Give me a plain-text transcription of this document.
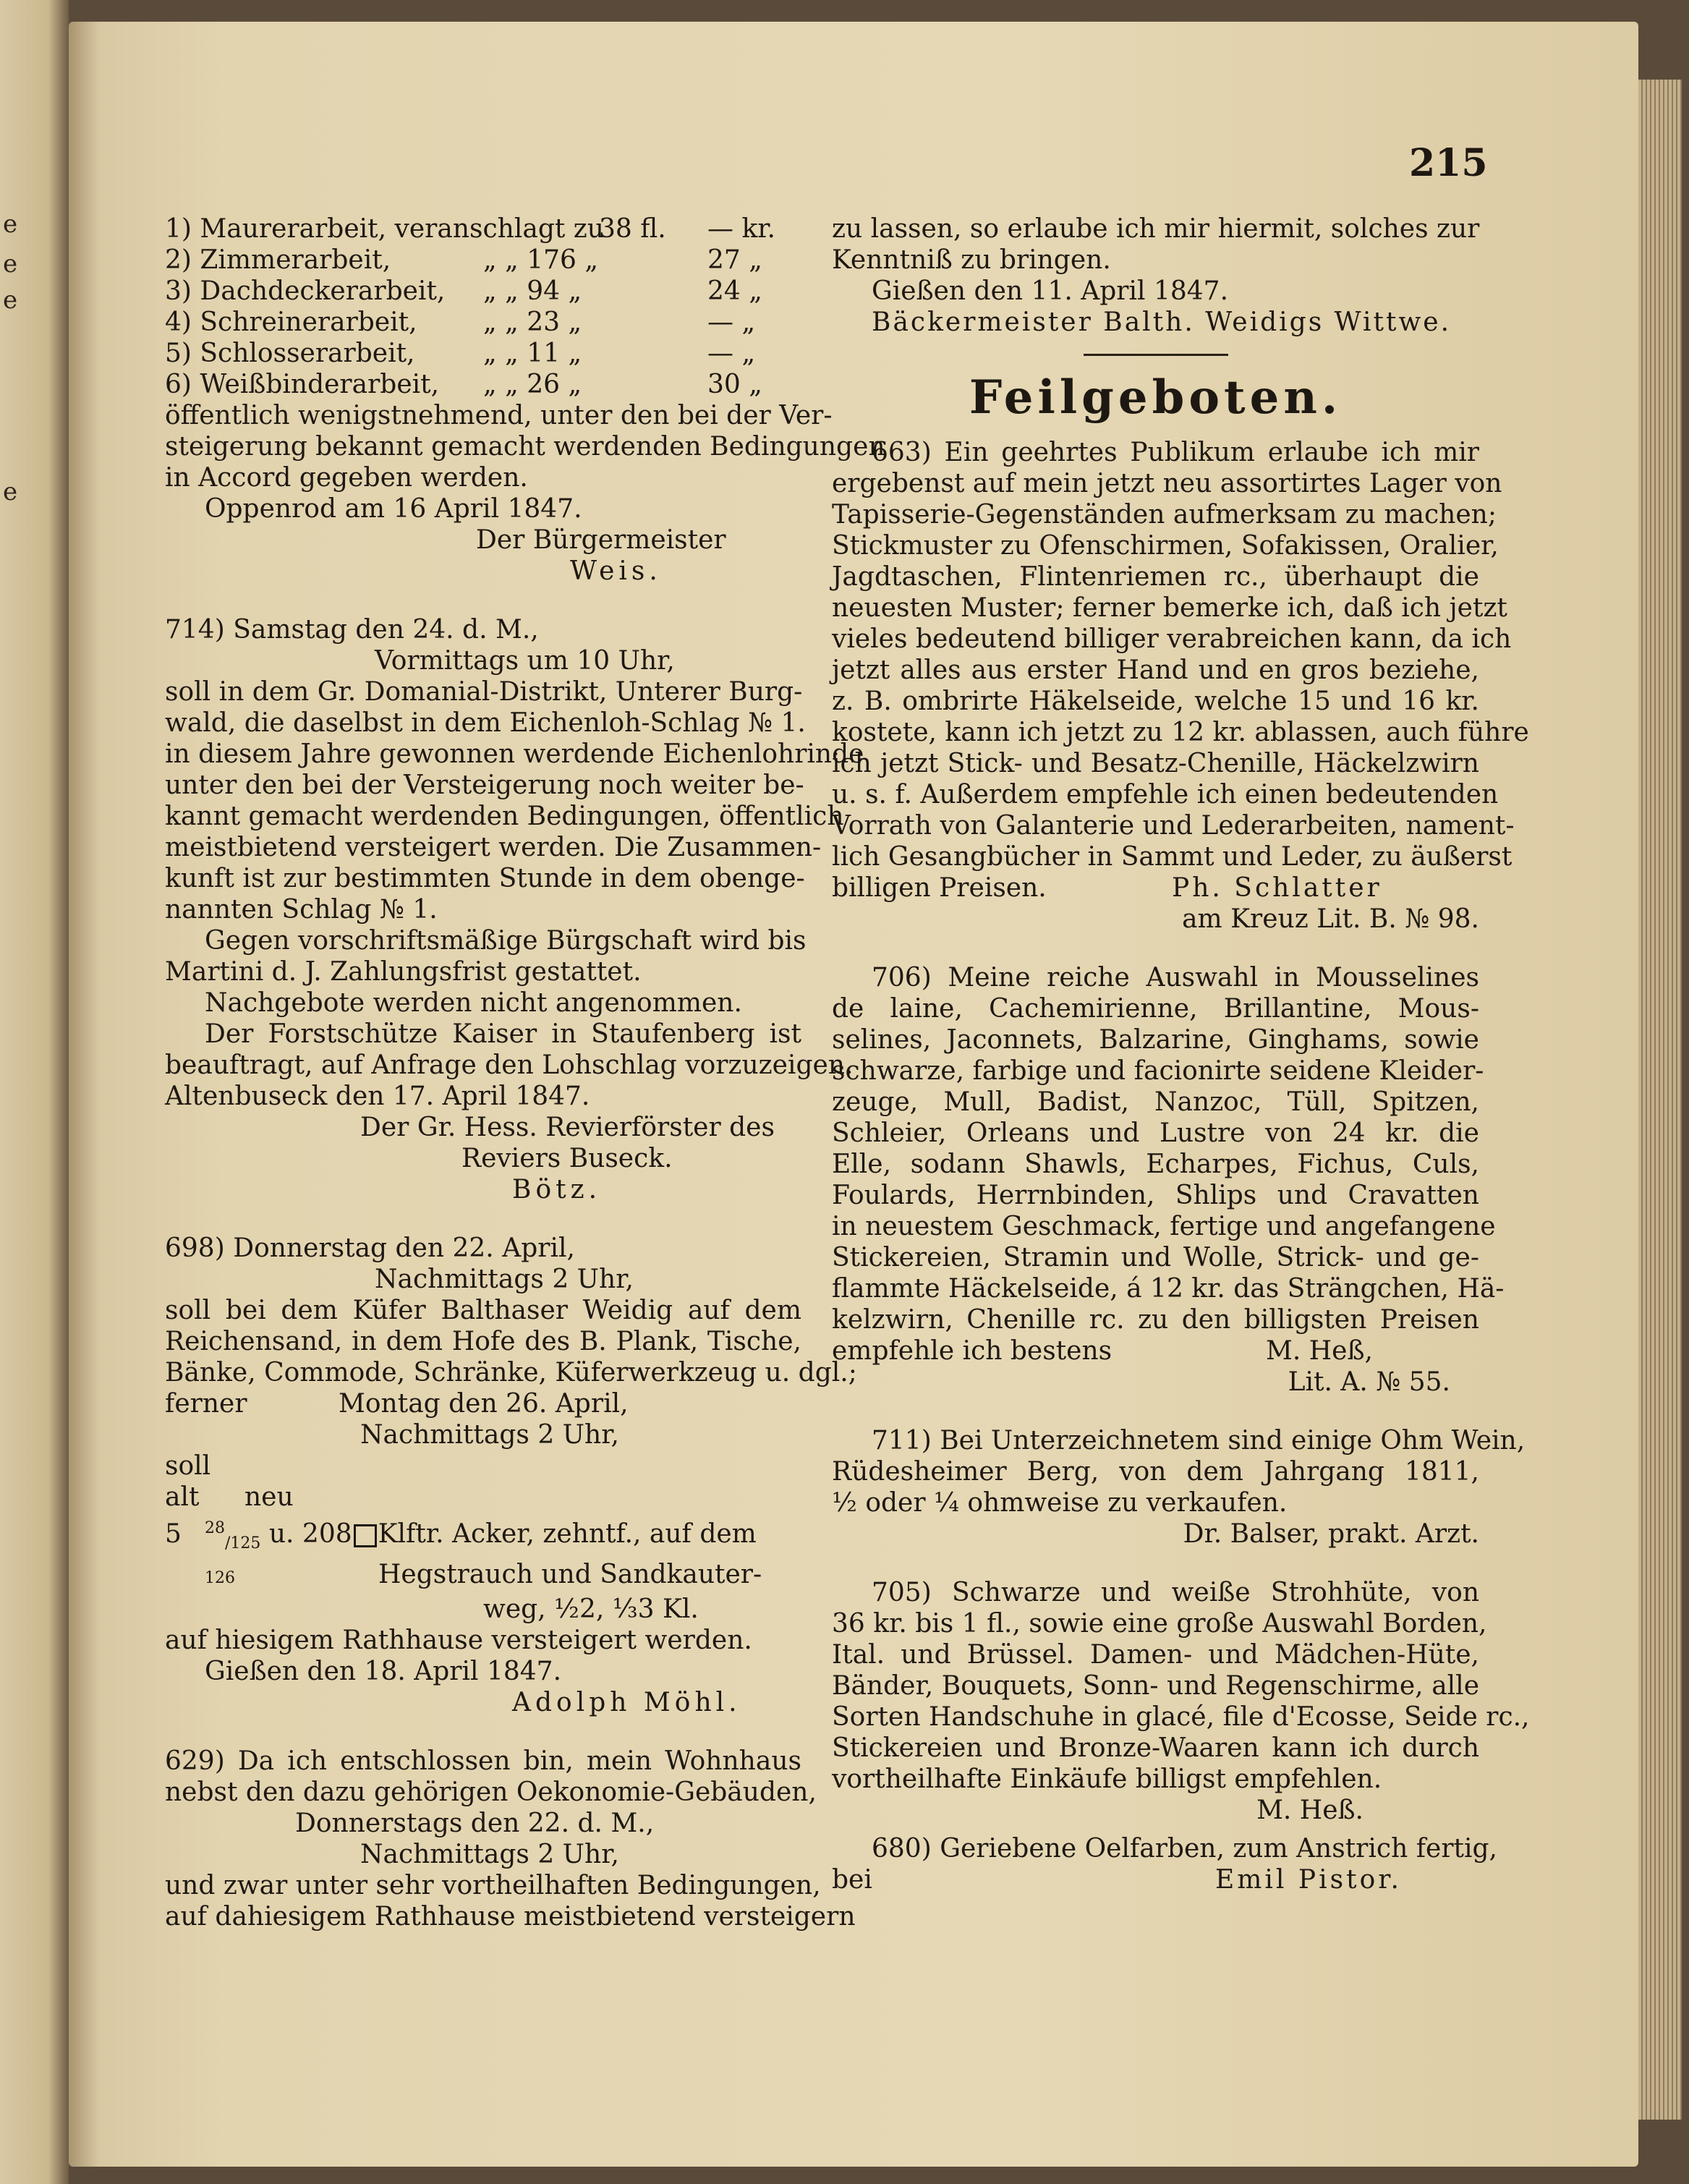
e
e
e
e
215
1) Maurerarbeit, veranschlagt zu38 fl. — kr.
2) Zimmerarbeit,	„ „ 176 „	27 „
3) Dachdeckerarbeit, „ „ 94 „	24 „
4) Schreinerarbeit,	„ „ 23 „	— „
5) Schlosserarbeit,	„ „ 11 „	— „
6) Weißbinderarbeit, „ „ 26 „	30 „
öffentlich wenigstnehmend, unter den bei der Ver-
steigerung bekannt gemacht werdenden Bedingungen
in Accord gegeben werden.
Oppenrod am 16 April 1847.
Der Bürgermeister
Weis.
714) Samstag den 24. d. M.,
Vormittags um 10 Uhr,
soll in dem Gr. Domanial-Distrikt, Unterer Burg-
wald, die daselbst in dem Eichenloh-Schlag № 1.
in diesem Jahre gewonnen werdende Eichenlohrinde
unter den bei der Versteigerung noch weiter be-
kannt gemacht werdenden Bedingungen, öffentlich
meistbietend versteigert werden. Die Zusammen-
kunft ist zur bestimmten Stunde in dem obenge-
nannten Schlag № 1.
Gegen vorschriftsmäßige Bürgschaft wird bis
Martini d. J. Zahlungsfrist gestattet.
Nachgebote werden nicht angenommen.
Der Forstschütze Kaiser in Staufenberg ist
beauftragt, auf Anfrage den Lohschlag vorzuzeigen.
Altenbuseck den 17. April 1847.
Der Gr. Hess. Revierförster des
Reviers Buseck.
Bötz.
698) Donnerstag den 22. April,
Nachmittags 2 Uhr,
soll bei dem Küfer Balthaser Weidig auf dem
Reichensand, in dem Hofe des B. Plank, Tische,
Bänke, Commode, Schränke, Küferwerkzeug u. dgl.;
ferner	Montag den 26. April,
Nachmittags 2 Uhr,
soll
alt neu
5 $^{28}_{/125}$ u. 208 Klftr. Acker, zehntf., auf dem
126	Hegstrauch und Sandkauter-
weg, ½2, ⅓3 Kl.
auf hiesigem Rathhause versteigert werden.
Gießen den 18. April 1847.
Adolph Möhl.
629) Da ich entschlossen bin, mein Wohnhaus
nebst den dazu gehörigen Oekonomie-Gebäuden,
Donnerstags den 22. d. M.,
Nachmittags 2 Uhr,
und zwar unter sehr vortheilhaften Bedingungen,
auf dahiesigem Rathhause meistbietend versteigern
zu lassen, so erlaube ich mir hiermit, solches zur
Kenntniß zu bringen.
Gießen den 11. April 1847.
Bäckermeister Balth. Weidigs Wittwe.
Feilgeboten.
663) Ein geehrtes Publikum erlaube ich mir
ergebenst auf mein jetzt neu assortirtes Lager von
Tapisserie-Gegenständen aufmerksam zu machen;
Stickmuster zu Ofenschirmen, Sofakissen, Oralier,
Jagdtaschen, Flintenriemen rc., überhaupt die
neuesten Muster; ferner bemerke ich, daß ich jetzt
vieles bedeutend billiger verabreichen kann, da ich
jetzt alles aus erster Hand und en gros beziehe,
z. B. ombrirte Häkelseide, welche 15 und 16 kr.
kostete, kann ich jetzt zu 12 kr. ablassen, auch führe
ich jetzt Stick- und Besatz-Chenille, Häckelzwirn
u. s. f. Außerdem empfehle ich einen bedeutenden
Vorrath von Galanterie und Lederarbeiten, nament-
lich Gesangbücher in Sammt und Leder, zu äußerst
billigen Preisen.	Ph. Schlatter
am Kreuz Lit. B. № 98.
706) Meine reiche Auswahl in Mousselines
de laine, Cachemirienne, Brillantine, Mous-
selines, Jaconnets, Balzarine, Ginghams, sowie
schwarze, farbige und facionirte seidene Kleider-
zeuge, Mull, Badist, Nanzoc, Tüll, Spitzen,
Schleier, Orleans und Lustre von 24 kr. die
Elle, sodann Shawls, Echarpes, Fichus, Culs,
Foulards, Herrnbinden, Shlips und Cravatten
in neuestem Geschmack, fertige und angefangene
Stickereien, Stramin und Wolle, Strick- und ge-
flammte Häckelseide, á 12 kr. das Strängchen, Hä-
kelzwirn, Chenille rc. zu den billigsten Preisen
empfehle ich bestens	M. Heß,
Lit. A. № 55.
711) Bei Unterzeichnetem sind einige Ohm Wein,
Rüdesheimer Berg, von dem Jahrgang 1811,
½ oder ¼ ohmweise zu verkaufen.
Dr. Balser, prakt. Arzt.
705) Schwarze und weiße Strohhüte, von
36 kr. bis 1 fl., sowie eine große Auswahl Borden,
Ital. und Brüssel. Damen- und Mädchen-Hüte,
Bänder, Bouquets, Sonn- und Regenschirme, alle
Sorten Handschuhe in glacé, file d'Ecosse, Seide rc.,
Stickereien und Bronze-Waaren kann ich durch
vortheilhafte Einkäufe billigst empfehlen.
M. Heß.
680) Geriebene Oelfarben, zum Anstrich fertig,
bei	Emil Pistor.
